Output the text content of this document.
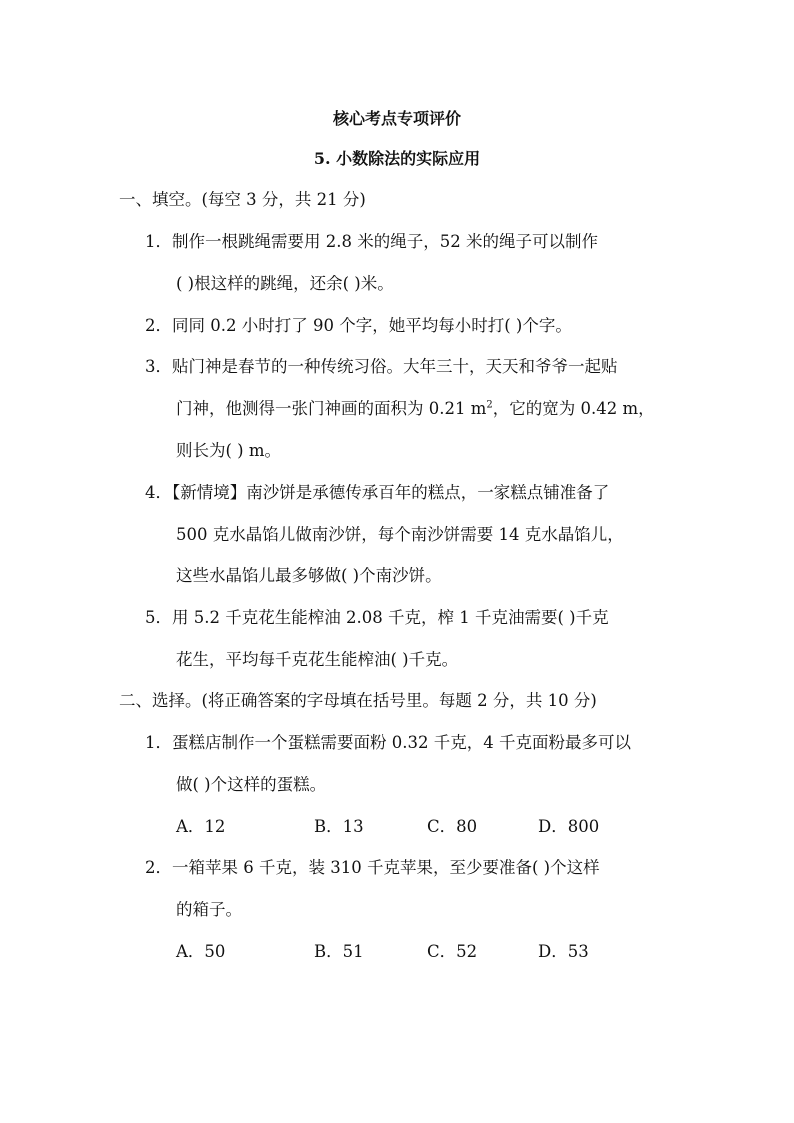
核心考点专项评价
5. 小数除法的实际应用
一、填空。(每空 3 分，共 21 分)
1．制作一根跳绳需要用 2.8 米的绳子，52 米的绳子可以制作
( )根这样的跳绳，还余( )米。
2．同同 0.2 小时打了 90 个字，她平均每小时打( )个字。
3．贴门神是春节的一种传统习俗。大年三十，天天和爷爷一起贴
门神，他测得一张门神画的面积为 0.21 $m^2$，它的宽为 0.42 m，
则长为( ) m。
4．【新情境】南沙饼是承德传承百年的糕点，一家糕点铺准备了
500 克水晶馅儿做南沙饼，每个南沙饼需要 14 克水晶馅儿，
这些水晶馅儿最多够做( )个南沙饼。
5．用 5.2 千克花生能榨油 2.08 千克，榨 1 千克油需要( )千克
花生，平均每千克花生能榨油( )千克。
二、选择。(将正确答案的字母填在括号里。每题 2 分，共 10 分)
1．蛋糕店制作一个蛋糕需要面粉 0.32 千克，4 千克面粉最多可以
做( )个这样的蛋糕。
A．12	B．13	C．80	D．800
2．一箱苹果 6 千克，装 310 千克苹果，至少要准备( )个这样
的箱子。
A．50	B．51	C．52	D．53
